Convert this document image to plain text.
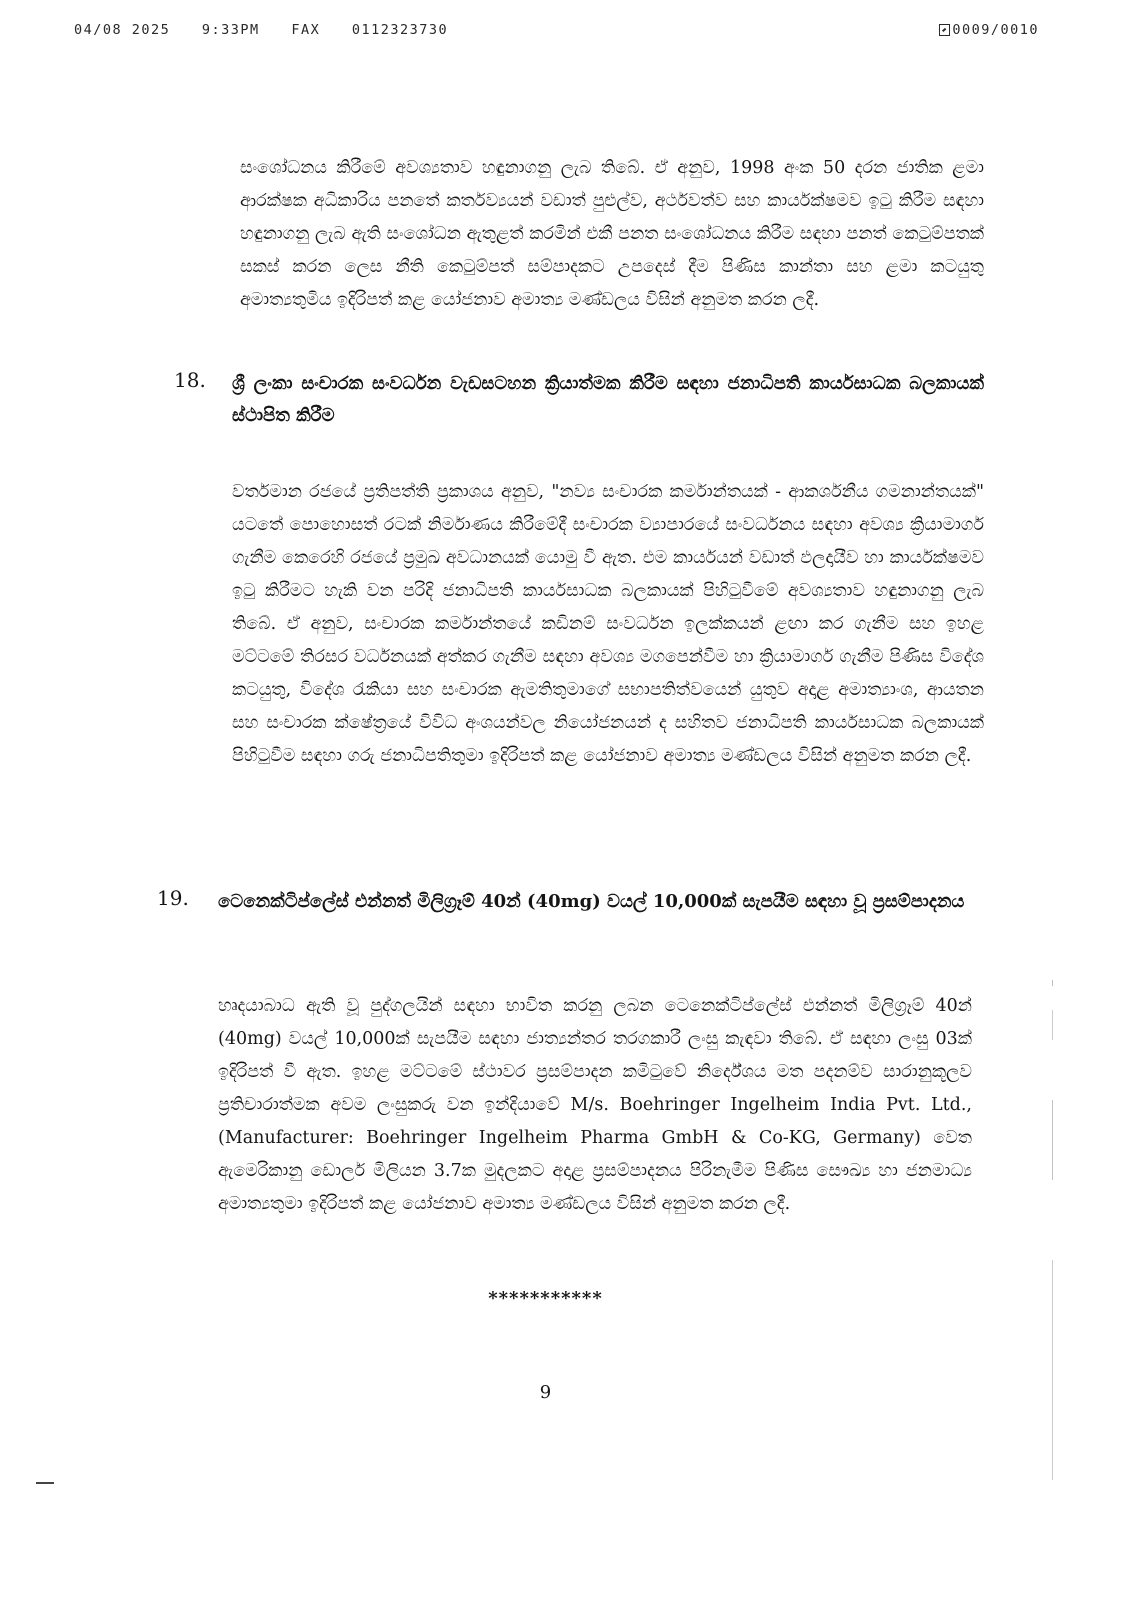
04/08 2025 9:33PM FAX 0112323730	0009/0010
සංශෝධනය කිරීමේ අවශ්‍යතාව හඳුනාගනු ලැබ තිබේ. ඒ අනුව, 1998 අංක 50 දරන ජාතික ළමා ආරක්ෂක අධිකාරිය පනතේ කර්තව්‍යයන් වඩාත් පුළුල්ව, අර්ථවත්ව සහ කාර්යක්ෂමව ඉටු කිරීම සඳහා හඳුනාගනු ලැබ ඇති සංශෝධන ඇතුළත් කරමින් එකී පනත සංශෝධනය කිරීම සඳහා පනත් කෙටුම්පතක් සකස් කරන ලෙස නීති කෙටුම්පත් සම්පාදකට උපදෙස් දීම පිණිස කාන්තා සහ ළමා කටයුතු අමාත්‍යතුමිය ඉදිරිපත් කළ යෝජනාව අමාත්‍ය මණ්ඩලය විසින් අනුමත කරන ලදී.
18. ශ්‍රී ලංකා සංචාරක සංවර්ධන වැඩසටහන ක්‍රියාත්මක කිරීම සඳහා ජනාධිපති කාර්යසාධක බලකායක් ස්ථාපිත කිරීම
වර්තමාන රජයේ ප්‍රතිපත්ති ප්‍රකාශය අනුව, "නව්‍ය සංචාරක කර්මාන්තයක් - ආකර්ශනීය ගමනාන්තයක්" යටතේ පොහොසත් රටක් නිර්මාණය කිරීමේදී සංචාරක ව්‍යාපාරයේ සංවර්ධනය සඳහා අවශ්‍ය ක්‍රියාමාර්ග ගැනීම කෙරෙහි රජයේ ප්‍රමුඛ අවධානයක් යොමු වී ඇත. එම කාර්යයන් වඩාත් ඵලදායීව හා කාර්යක්ෂමව ඉටු කිරීමට හැකි වන පරිදි ජනාධිපති කාර්යසාධක බලකායක් පිහිටුවීමේ අවශ්‍යතාව හඳුනාගනු ලැබ තිබේ. ඒ අනුව, සංචාරක කර්මාන්තයේ කඩිනම් සංවර්ධන ඉලක්කයන් ළඟා කර ගැනීම සහ ඉහළ මට්ටමේ තිරසර වර්ධනයක් අත්කර ගැනීම සඳහා අවශ්‍ය මගපෙන්වීම හා ක්‍රියාමාර්ග ගැනීම පිණිස විදේශ කටයුතු, විදේශ රැකියා සහ සංචාරක ඇමතිතුමාගේ සභාපතිත්වයෙන් යුතුව අදාළ අමාත්‍යාංශ, ආයතන සහ සංචාරක ක්ෂේත්‍රයේ විවිධ අංශයන්වල නියෝජනයන් ද සහිතව ජනාධිපති කාර්යසාධක බලකායක් පිහිටුවීම සඳහා ගරු ජනාධිපතිතුමා ඉදිරිපත් කළ යෝජනාව අමාත්‍ය මණ්ඩලය විසින් අනුමත කරන ලදී.
19. ටෙනෙක්ටිප්ලේස් එන්නත් මිලිග්‍රෑම් 40න් (40mg) වයල් 10,000ක් සැපයීම සඳහා වූ ප්‍රසම්පාදනය
හෘදයාබාධ ඇති වූ පුද්ගලයින් සඳහා භාවිත කරනු ලබන ටෙනෙක්ටිප්ලේස් එන්නත් මිලිග්‍රෑම් 40න් (40mg) වයල් 10,000ක් සැපයීම සඳහා ජාත්‍යන්තර තරගකාරී ලංසු කැඳවා තිබේ. ඒ සඳහා ලංසු 03ක් ඉදිරිපත් වී ඇත. ඉහළ මට්ටමේ ස්ථාවර ප්‍රසම්පාදන කමිටුවේ නිර්දේශය මත පදනම්ව සාරානුකූලව ප්‍රතිචාරාත්මක අවම ලංසුකරු වන ඉන්දියාවේ M/s. Boehringer Ingelheim India Pvt. Ltd., (Manufacturer: Boehringer Ingelheim Pharma GmbH & Co-KG, Germany) වෙත ඇමෙරිකානු ඩොලර් මිලියන 3.7ක මුදලකට අදාළ ප්‍රසම්පාදනය පිරිනැමීම පිණිස සෞඛ්‍ය හා ජනමාධ්‍ය අමාත්‍යතුමා ඉදිරිපත් කළ යෝජනාව අමාත්‍ය මණ්ඩලය විසින් අනුමත කරන ලදී.
***********
9
